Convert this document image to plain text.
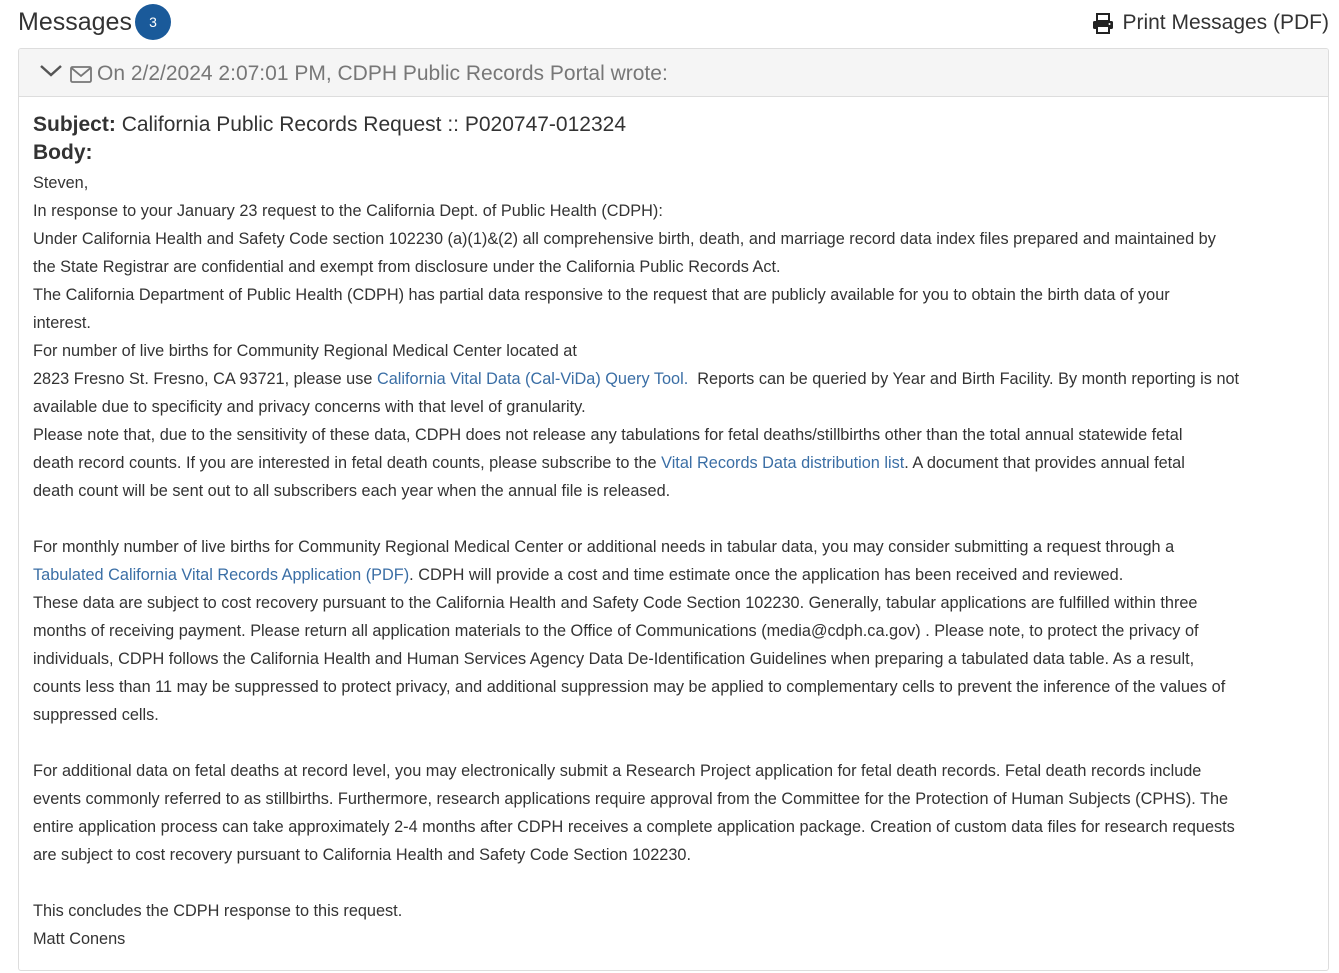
Messages	3	Print Messages (PDF)
On 2/2/2024 2:07:01 PM, CDPH Public Records Portal wrote:
Subject: California Public Records Request :: P020747-012324
Body:

Steven,

In response to your January 23 request to the California Dept. of Public Health (CDPH):

Under California Health and Safety Code section 102230 (a)(1)&(2) all comprehensive birth, death, and marriage record data index files prepared and maintained by

the State Registrar are confidential and exempt from disclosure under the California Public Records Act.

The California Department of Public Health (CDPH) has partial data responsive to the request that are publicly available for you to obtain the birth data of your

interest.

For number of live births for Community Regional Medical Center located at

2823 Fresno St. Fresno, CA 93721, please use California Vital Data (Cal-ViDa) Query Tool.  Reports can be queried by Year and Birth Facility. By month reporting is not

available due to specificity and privacy concerns with that level of granularity.

Please note that, due to the sensitivity of these data, CDPH does not release any tabulations for fetal deaths/stillbirths other than the total annual statewide fetal

death record counts. If you are interested in fetal death counts, please subscribe to the Vital Records Data distribution list. A document that provides annual fetal

death count will be sent out to all subscribers each year when the annual file is released.

For monthly number of live births for Community Regional Medical Center or additional needs in tabular data, you may consider submitting a request through a

Tabulated California Vital Records Application (PDF). CDPH will provide a cost and time estimate once the application has been received and reviewed.

These data are subject to cost recovery pursuant to the California Health and Safety Code Section 102230. Generally, tabular applications are fulfilled within three

months of receiving payment. Please return all application materials to the Office of Communications (media@cdph.ca.gov) . Please note, to protect the privacy of

individuals, CDPH follows the California Health and Human Services Agency Data De-Identification Guidelines when preparing a tabulated data table. As a result,

counts less than 11 may be suppressed to protect privacy, and additional suppression may be applied to complementary cells to prevent the inference of the values of

suppressed cells.

For additional data on fetal deaths at record level, you may electronically submit a Research Project application for fetal death records. Fetal death records include

events commonly referred to as stillbirths. Furthermore, research applications require approval from the Committee for the Protection of Human Subjects (CPHS). The

entire application process can take approximately 2-4 months after CDPH receives a complete application package. Creation of custom data files for research requests

are subject to cost recovery pursuant to California Health and Safety Code Section 102230.

This concludes the CDPH response to this request.

Matt Conens
